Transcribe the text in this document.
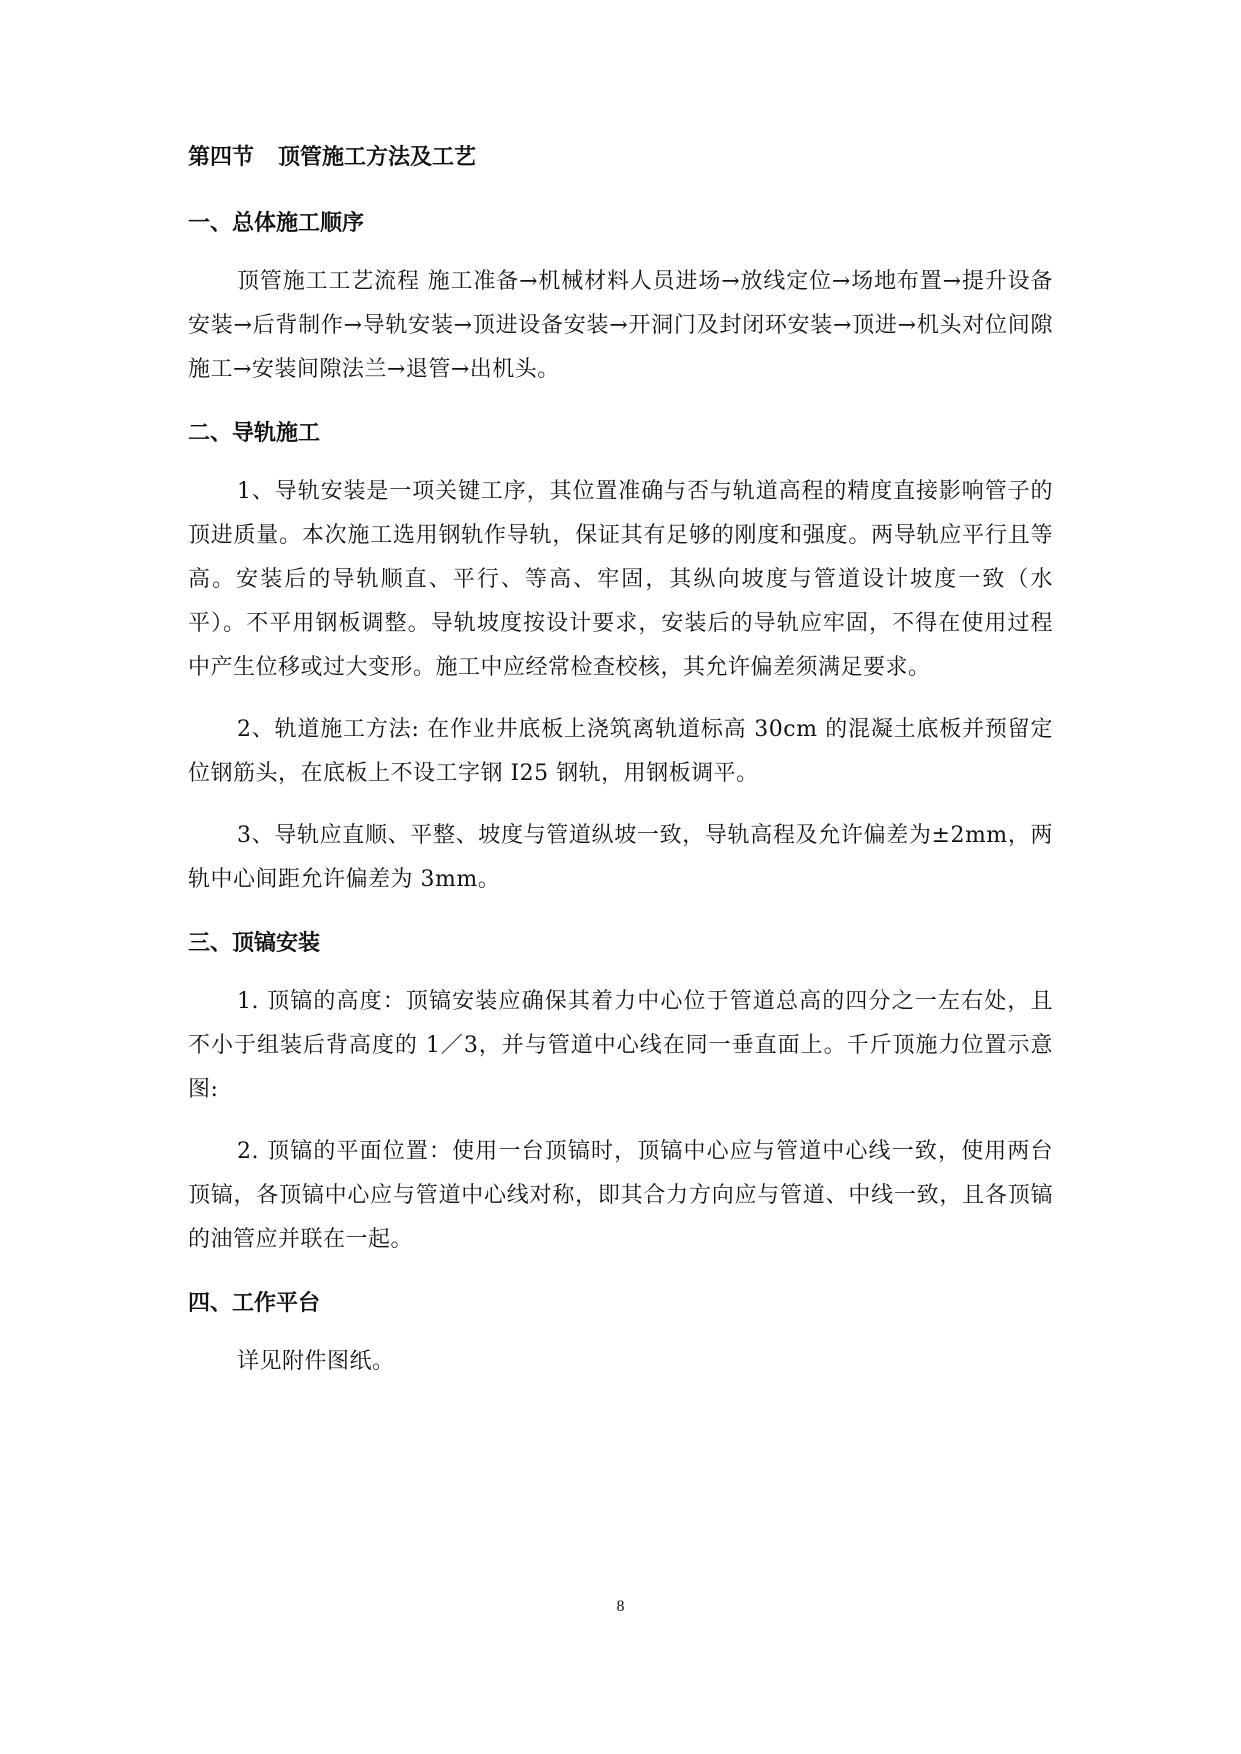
第四节 顶管施工方法及工艺
一、总体施工顺序

顶管施工工艺流程 施工准备→机械材料人员进场→放线定位→场地布置→提升设备安装→后背制作→导轨安装→顶进设备安装→开洞门及封闭环安装→顶进→机头对位间隙施工→安装间隙法兰→退管→出机头。

二、导轨施工

1、导轨安装是一项关键工序，其位置准确与否与轨道高程的精度直接影响管子的顶进质量。本次施工选用钢轨作导轨，保证其有足够的刚度和强度。两导轨应平行且等高。安装后的导轨顺直、平行、等高、牢固，其纵向坡度与管道设计坡度一致（水平）。不平用钢板调整。导轨坡度按设计要求，安装后的导轨应牢固，不得在使用过程中产生位移或过大变形。施工中应经常检查校核，其允许偏差须满足要求。

2、轨道施工方法: 在作业井底板上浇筑离轨道标高 30cm 的混凝土底板并预留定位钢筋头，在底板上不设工字钢 I25 钢轨，用钢板调平。

3、导轨应直顺、平整、坡度与管道纵坡一致，导轨高程及允许偏差为±2mm，两轨中心间距允许偏差为 3mm。

三、顶镐安装

1. 顶镐的高度：顶镐安装应确保其着力中心位于管道总高的四分之一左右处，且不小于组装后背高度的 1／3，并与管道中心线在同一垂直面上。千斤顶施力位置示意图:

2. 顶镐的平面位置：使用一台顶镐时，顶镐中心应与管道中心线一致，使用两台顶镐，各顶镐中心应与管道中心线对称，即其合力方向应与管道、中线一致，且各顶镐的油管应并联在一起。

四、工作平台

详见附件图纸。

8
